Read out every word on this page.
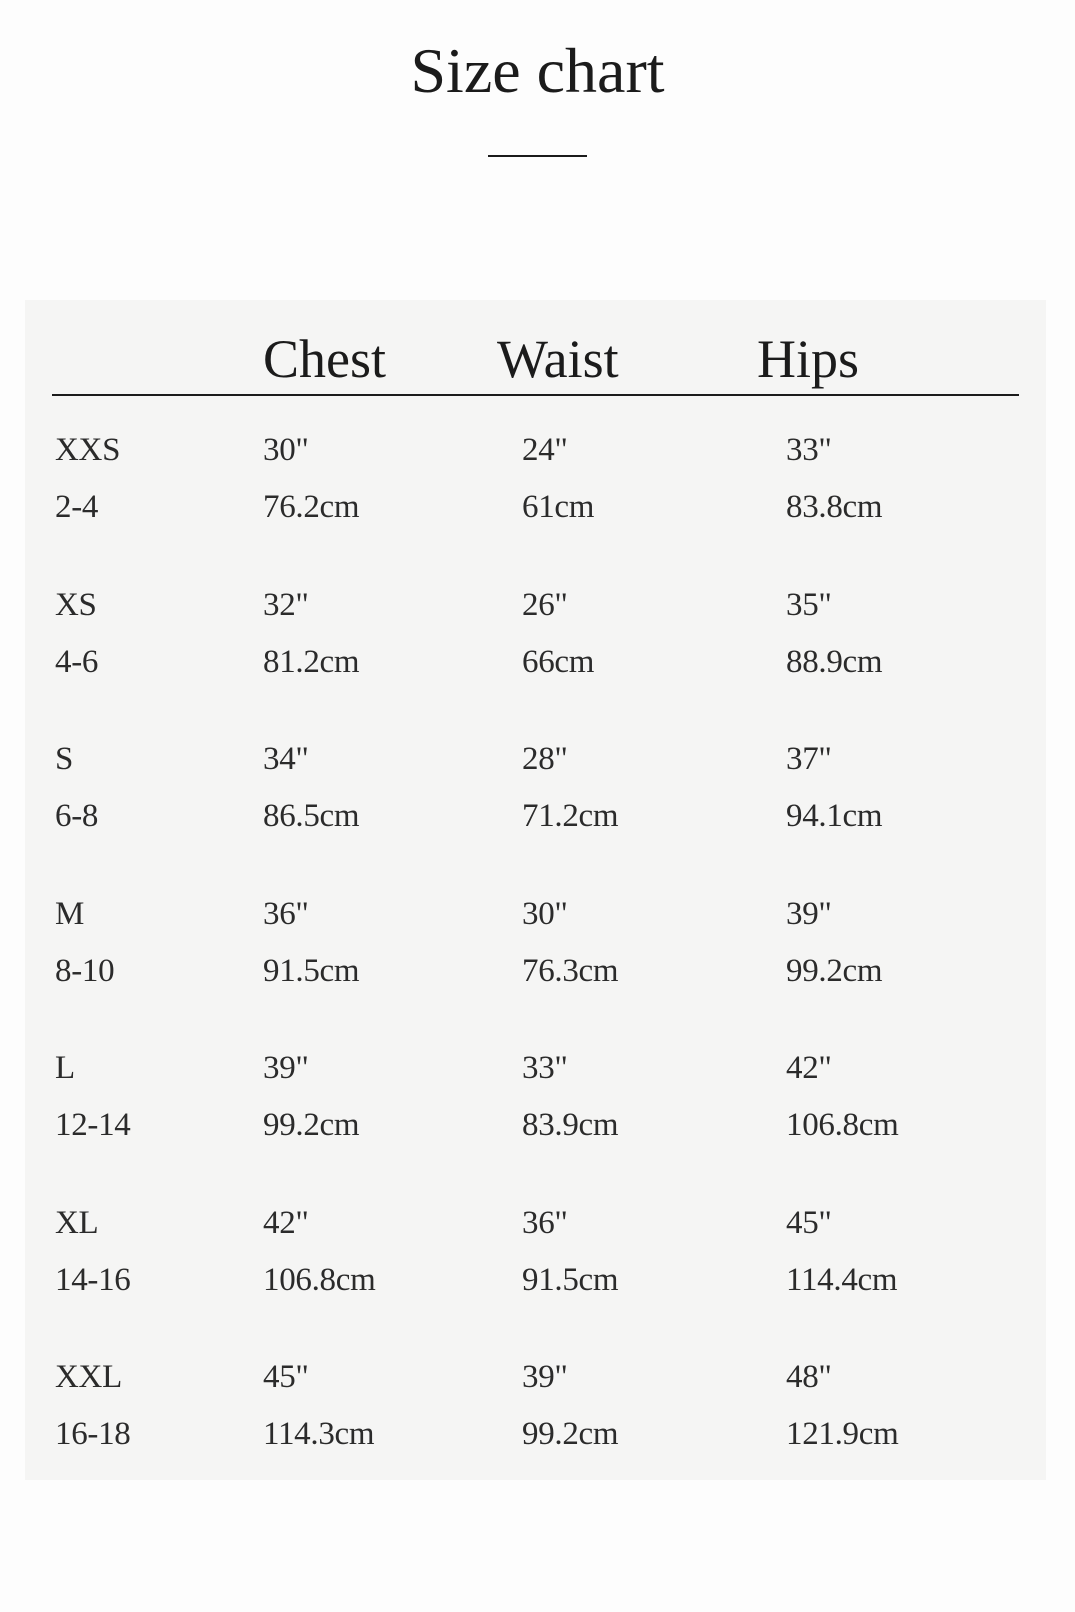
Size chart
Chest	Waist	Hips
XXS	30"	24"	33"
2-4	76.2cm	61cm	83.8cm
XS	32"	26"	35"
4-6	81.2cm	66cm	88.9cm
S	34"	28"	37"
6-8	86.5cm	71.2cm	94.1cm
M	36"	30"	39"
8-10	91.5cm	76.3cm	99.2cm
L	39"	33"	42"
12-14	99.2cm	83.9cm	106.8cm
XL	42"	36"	45"
14-16	106.8cm	91.5cm	114.4cm
XXL	45"	39"	48"
16-18	114.3cm	99.2cm	121.9cm
